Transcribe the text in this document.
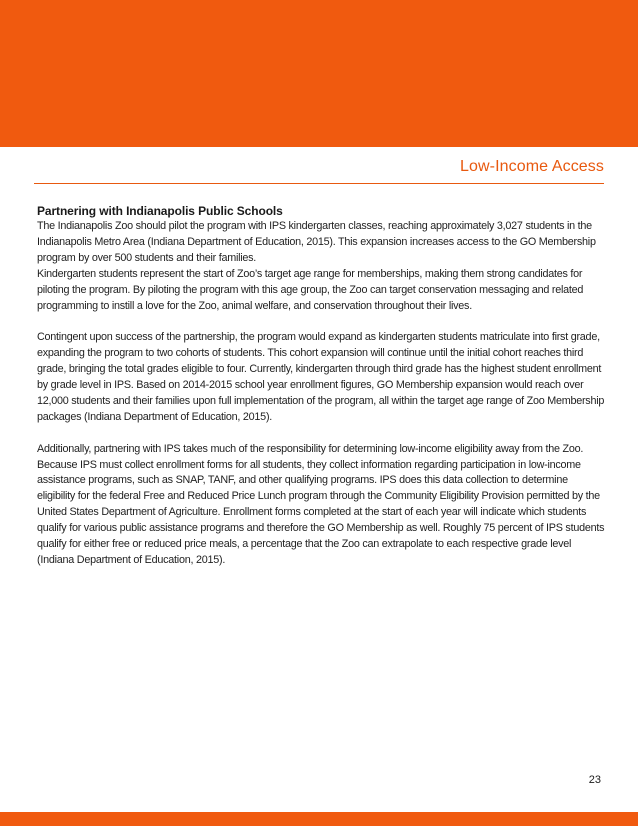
Low-Income Access
Partnering with Indianapolis Public Schools

The Indianapolis Zoo should pilot the program with IPS kindergarten classes, reaching approximately 3,027 students in the Indianapolis Metro Area (Indiana Department of Education, 2015). This expansion increases access to the GO Membership program by over 500 students and their families.

Kindergarten students represent the start of Zoo’s target age range for memberships, making them strong candidates for piloting the program. By piloting the program with this age group, the Zoo can target conservation messaging and related programming to instill a love for the Zoo, animal welfare, and conservation throughout their lives.

Contingent upon success of the partnership, the program would expand as kindergarten students matriculate into first grade, expanding the program to two cohorts of students. This cohort expansion will continue until the initial cohort reaches third grade, bringing the total grades eligible to four. Currently, kindergarten through third grade has the highest student enrollment by grade level in IPS. Based on 2014-2015 school year enrollment figures, GO Membership expansion would reach over 12,000 students and their families upon full implementation of the program, all within the target age range of Zoo Membership packages (Indiana Department of Education, 2015).

Additionally, partnering with IPS takes much of the responsibility for determining low-income eligibility away from the Zoo. Because IPS must collect enrollment forms for all students, they collect information regarding participation in low-income assistance programs, such as SNAP, TANF, and other qualifying programs. IPS does this data collection to determine eligibility for the federal Free and Reduced Price Lunch program through the Community Eligibility Provision permitted by the United States Department of Agriculture. Enrollment forms completed at the start of each year will indicate which students qualify for various public assistance programs and therefore the GO Membership as well. Roughly 75 percent of IPS students qualify for either free or reduced price meals, a percentage that the Zoo can extrapolate to each respective grade level (Indiana Department of Education, 2015).

23
